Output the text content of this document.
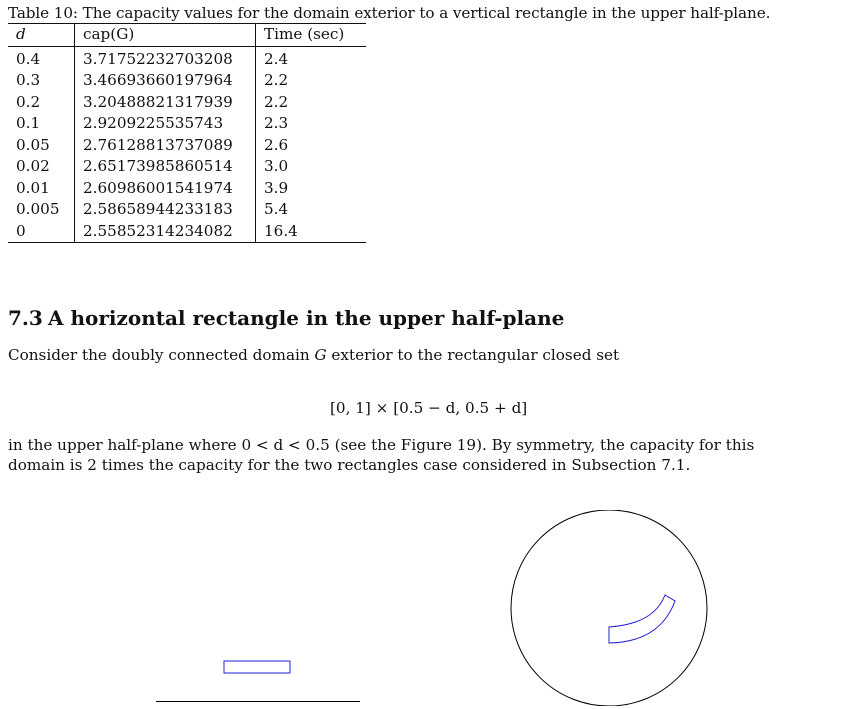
Table 10: The capacity values for the domain exterior to a vertical rectangle in the upper half-plane.
d	cap(G)	Time (sec)
0.4	3.71752232703208	2.4
0.3	3.46693660197964	2.2
0.2	3.20488821317939	2.2
0.1	2.9209225535743	2.3
0.05	2.76128813737089	2.6
0.02	2.65173985860514	3.0
0.01	2.60986001541974	3.9
0.005	2.58658944233183	5.4
0	2.55852314234082	16.4
7.3 A horizontal rectangle in the upper half-plane
Consider the doubly connected domain G exterior to the rectangular closed set
[0, 1] × [0.5 − d, 0.5 + d]
in the upper half-plane where 0 < d < 0.5 (see the Figure 19). By symmetry, the capacity for this
domain is 2 times the capacity for the two rectangles case considered in Subsection 7.1.
